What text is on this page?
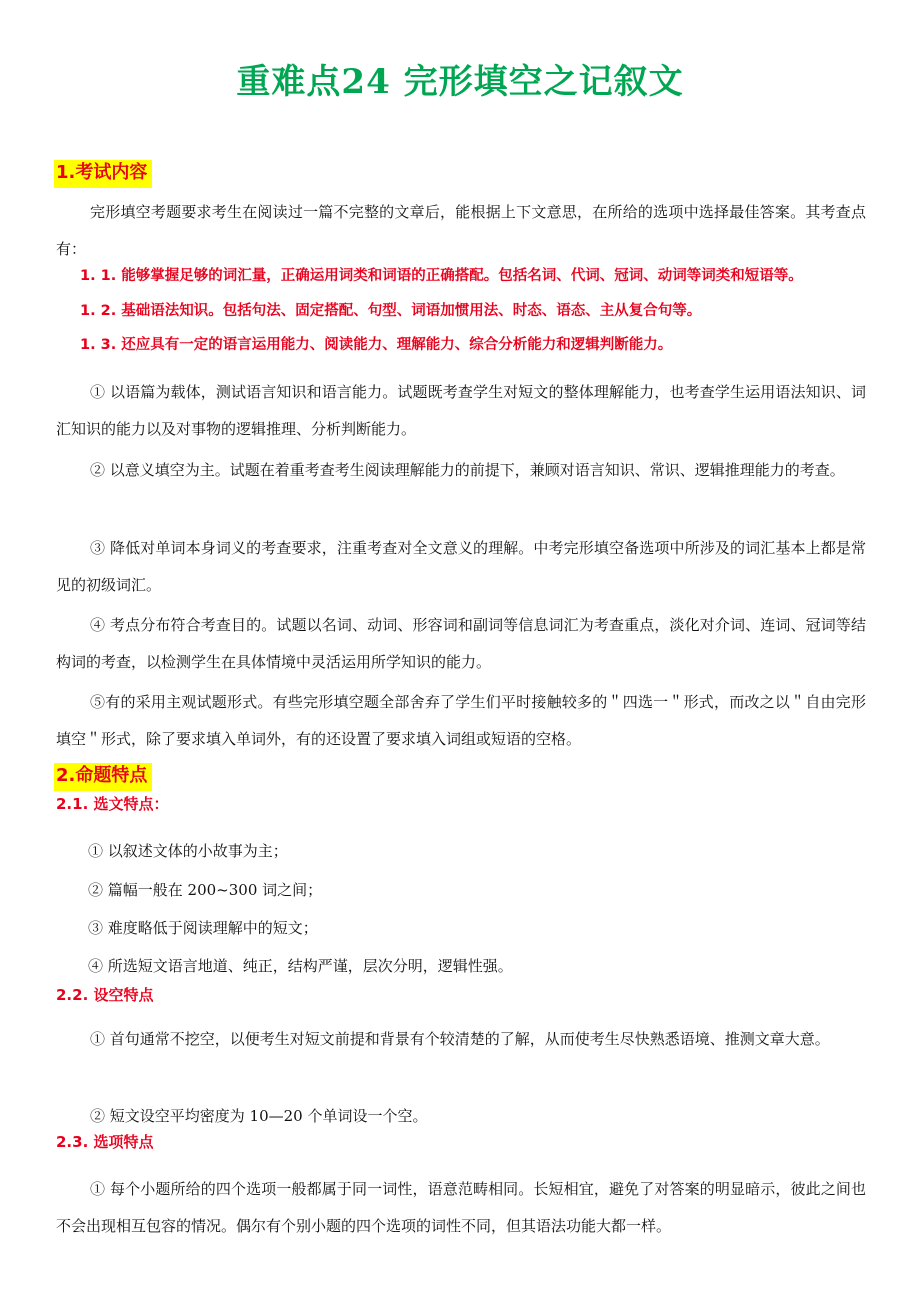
重难点24 完形填空之记叙文
1.考试内容
完形填空考题要求考生在阅读过一篇不完整的文章后，能根据上下文意思，在所给的选项中选择最佳答案。其考查点有：
1. 1. 能够掌握足够的词汇量，正确运用词类和词语的正确搭配。包括名词、代词、冠词、动词等词类和短语等。
1. 2. 基础语法知识。包括句法、固定搭配、句型、词语加惯用法、时态、语态、主从复合句等。
1. 3. 还应具有一定的语言运用能力、阅读能力、理解能力、综合分析能力和逻辑判断能力。
① 以语篇为载体，测试语言知识和语言能力。试题既考查学生对短文的整体理解能力，也考查学生运用语法知识、词汇知识的能力以及对事物的逻辑推理、分析判断能力。
② 以意义填空为主。试题在着重考查考生阅读理解能力的前提下，兼顾对语言知识、常识、逻辑推理能力的考查。
③ 降低对单词本身词义的考查要求，注重考查对全文意义的理解。中考完形填空备选项中所涉及的词汇基本上都是常见的初级词汇。
④ 考点分布符合考查目的。试题以名词、动词、形容词和副词等信息词汇为考查重点，淡化对介词、连词、冠词等结构词的考查，以检测学生在具体情境中灵活运用所学知识的能力。
⑤有的采用主观试题形式。有些完形填空题全部舍弃了学生们平时接触较多的＂四选一＂形式，而改之以＂自由完形填空＂形式，除了要求填入单词外，有的还设置了要求填入词组或短语的空格。
2.命题特点
2.1. 选文特点：
① 以叙述文体的小故事为主；
② 篇幅一般在 200~300 词之间；
③ 难度略低于阅读理解中的短文；
④ 所选短文语言地道、纯正，结构严谨，层次分明，逻辑性强。
2.2. 设空特点
① 首句通常不挖空，以便考生对短文前提和背景有个较清楚的了解，从而使考生尽快熟悉语境、推测文章大意。
② 短文设空平均密度为 10—20 个单词设一个空。
2.3. 选项特点
① 每个小题所给的四个选项一般都属于同一词性，语意范畴相同。长短相宜，避免了对答案的明显暗示，彼此之间也不会出现相互包容的情况。偶尔有个别小题的四个选项的词性不同，但其语法功能大都一样。
